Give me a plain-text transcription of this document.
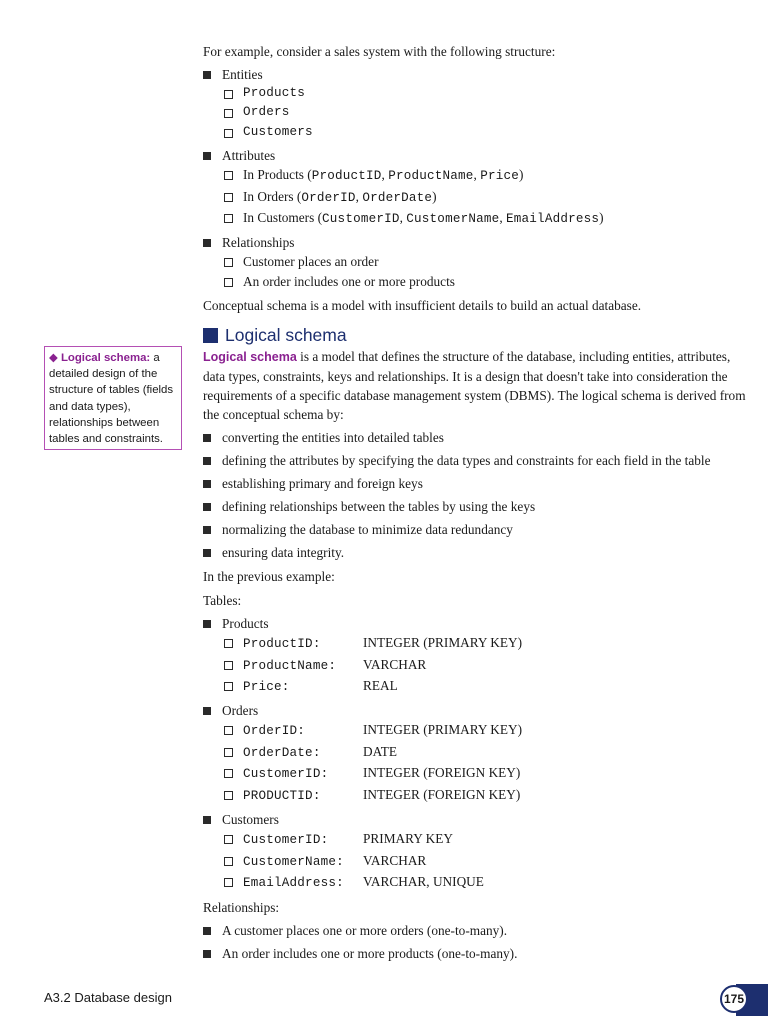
For example, consider a sales system with the following structure:

Entities
Products
Orders
Customers
Attributes
In Products (ProductID, ProductName, Price)
In Orders (OrderID, OrderDate)
In Customers (CustomerID, CustomerName, EmailAddress)
Relationships
Customer places an order
An order includes one or more products

Conceptual schema is a model with insufficient details to build an actual database.

Logical schema

Logical schema is a model that defines the structure of the database, including entities, attributes, data types, constraints, keys and relationships. It is a design that doesn't take into consideration the requirements of a specific database management system (DBMS). The logical schema is derived from the conceptual schema by:

converting the entities into detailed tables
defining the attributes by specifying the data types and constraints for each field in the table
establishing primary and foreign keys
defining relationships between the tables by using the keys
normalizing the database to minimize data redundancy
ensuring data integrity.

In the previous example:

Tables:

Products
ProductID:	INTEGER (PRIMARY KEY)
ProductName: VARCHAR
Price:	REAL
Orders
OrderID:	INTEGER (PRIMARY KEY)
OrderDate:	DATE
CustomerID:	INTEGER (FOREIGN KEY)
PRODUCTID:	INTEGER (FOREIGN KEY)
Customers
CustomerID:	PRIMARY KEY
CustomerName: VARCHAR
EmailAddress: VARCHAR, UNIQUE

Relationships:

A customer places one or more orders (one-to-many).
An order includes one or more products (one-to-many).
◆ Logical schema: a detailed design of the structure of tables (fields and data types), relationships between tables and constraints.
A3.2 Database design	175
